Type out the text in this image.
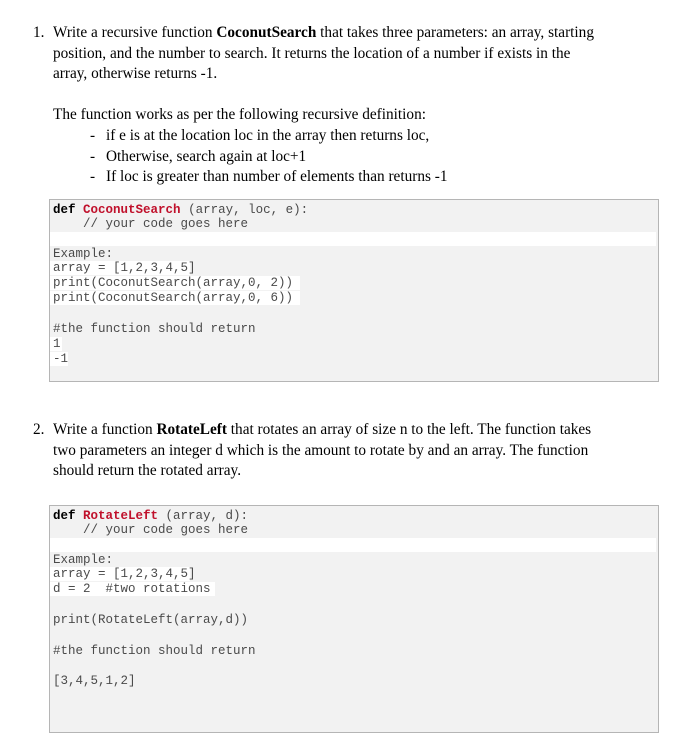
1. Write a recursive function CoconutSearch that takes three parameters: an array, starting
position, and the number to search. It returns the location of a number if exists in the
array, otherwise returns -1.
The function works as per the following recursive definition:
- if e is at the location loc in the array then returns loc,
- Otherwise, search again at loc+1
- If loc is greater than number of elements than returns -1
def CoconutSearch (array, loc, e):
// your code goes here
Example:
array = [1,2,3,4,5]
print(CoconutSearch(array,0, 2))
print(CoconutSearch(array,0, 6))
#the function should return
1
-1
2. Write a function RotateLeft that rotates an array of size n to the left. The function takes
two parameters an integer d which is the amount to rotate by and an array. The function
should return the rotated array.
def RotateLeft (array, d):
// your code goes here
Example:
array = [1,2,3,4,5]
d = 2  #two rotations
print(RotateLeft(array,d))
#the function should return
[3,4,5,1,2]
